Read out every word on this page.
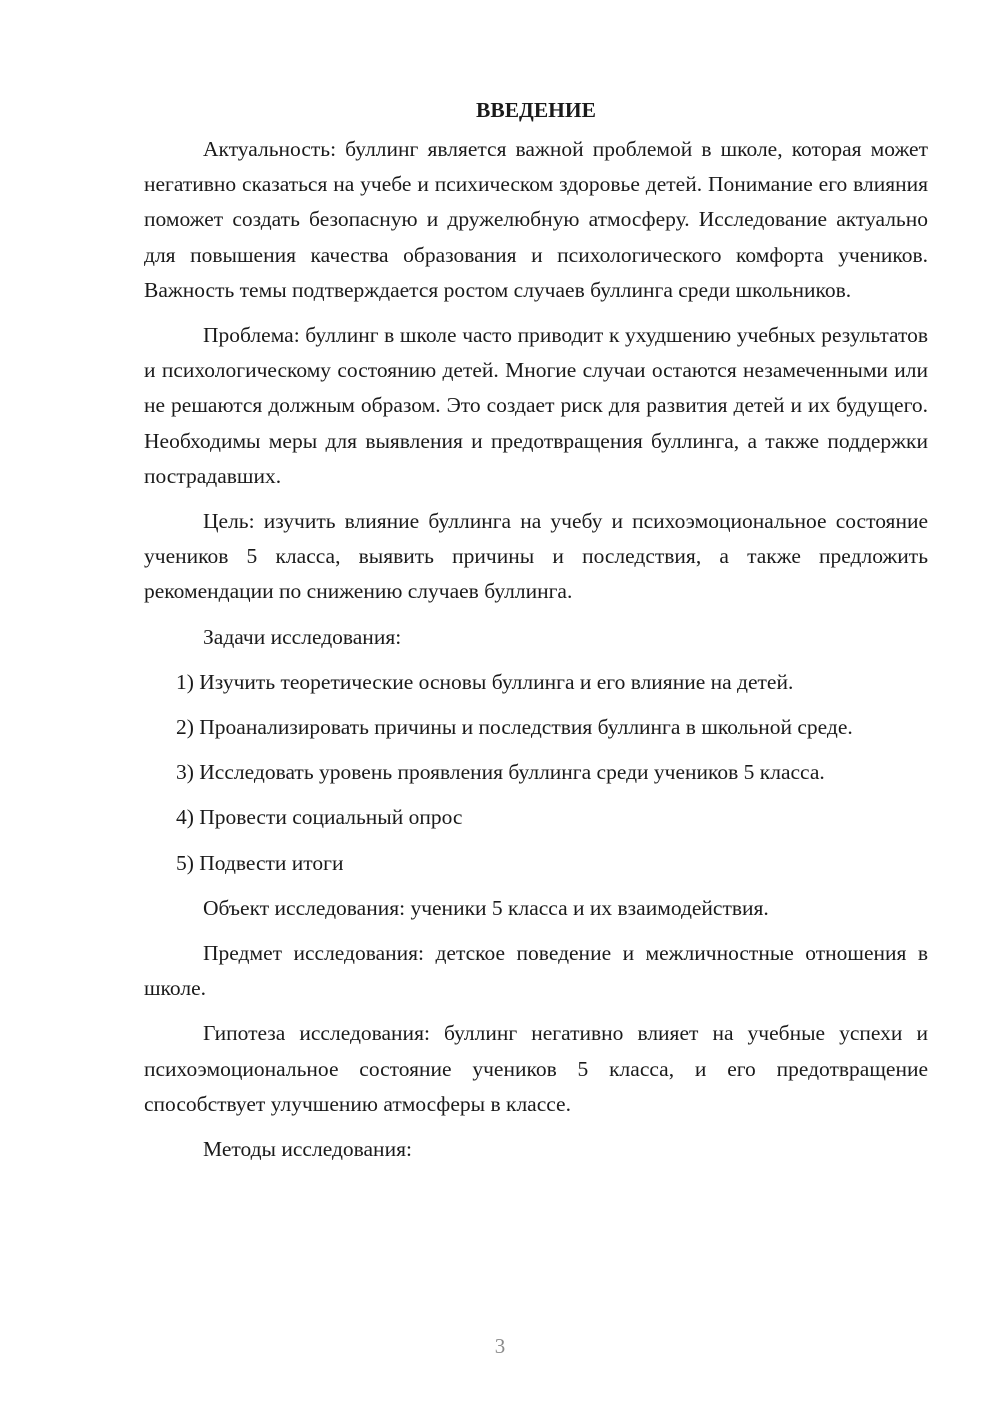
ВВЕДЕНИЕ

Актуальность: буллинг является важной проблемой в школе, которая может негативно сказаться на учебе и психическом здоровье детей. Понимание его влияния поможет создать безопасную и дружелюбную атмосферу. Исследование актуально для повышения качества образования и психологического комфорта учеников. Важность темы подтверждается ростом случаев буллинга среди школьников.

Проблема: буллинг в школе часто приводит к ухудшению учебных результатов и психологическому состоянию детей. Многие случаи остаются незамеченными или не решаются должным образом. Это создает риск для развития детей и их будущего. Необходимы меры для выявления и предотвращения буллинга, а также поддержки пострадавших.

Цель: изучить влияние буллинга на учебу и психоэмоциональное состояние учеников 5 класса, выявить причины и последствия, а также предложить рекомендации по снижению случаев буллинга.

Задачи исследования:

1) Изучить теоретические основы буллинга и его влияние на детей.

2) Проанализировать причины и последствия буллинга в школьной среде.

3) Исследовать уровень проявления буллинга среди учеников 5 класса.

4) Провести социальный опрос

5) Подвести итоги

Объект исследования: ученики 5 класса и их взаимодействия.

Предмет исследования: детское поведение и межличностные отношения в школе.

Гипотеза исследования: буллинг негативно влияет на учебные успехи и психоэмоциональное состояние учеников 5 класса, и его предотвращение способствует улучшению атмосферы в классе.

Методы исследования:

3
